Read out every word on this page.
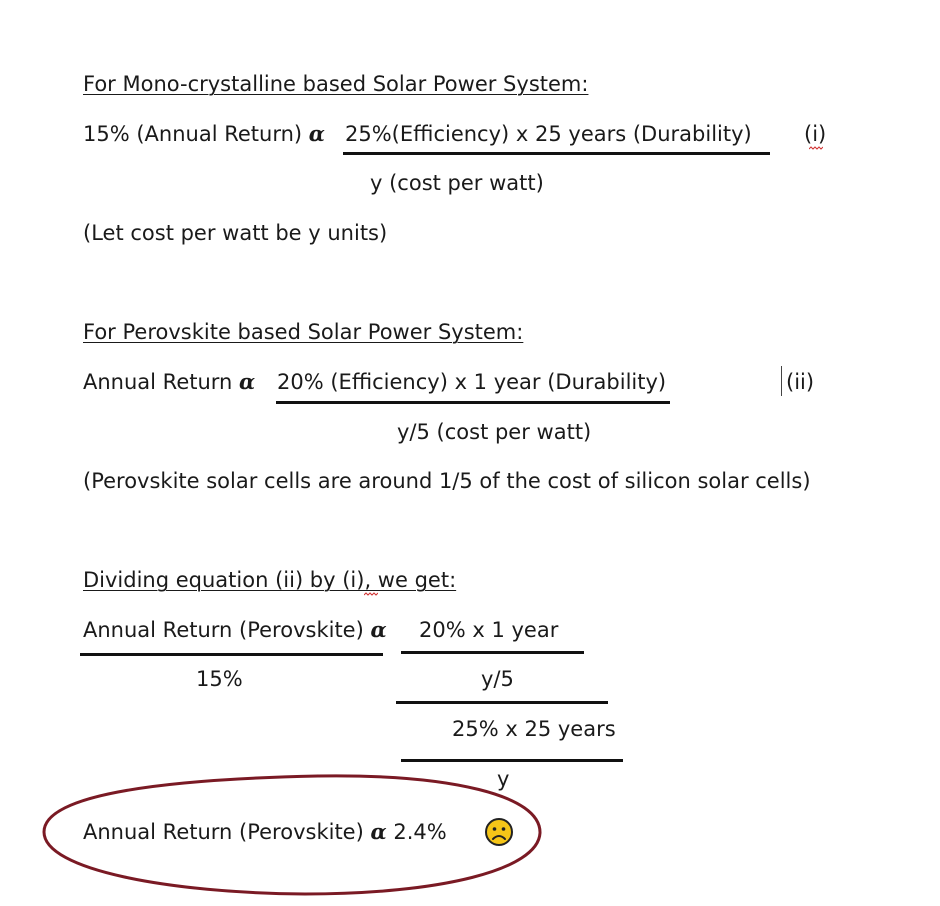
For Mono-crystalline based Solar Power System:
15% (Annual Return) α 25%(Efficiency) x 25 years (Durability) (i)
y (cost per watt)
(Let cost per watt be y units)
For Perovskite based Solar Power System:
Annual Return α 20% (Efficiency) x 1 year (Durability)	(ii)
y/5 (cost per watt)
(Perovskite solar cells are around 1/5 of the cost of silicon solar cells)
Dividing equation (ii) by (i), we get:
Annual Return (Perovskite) α 20% x 1 year
15%	y/5
25% x 25 years
y
Annual Return (Perovskite) α 2.4%
